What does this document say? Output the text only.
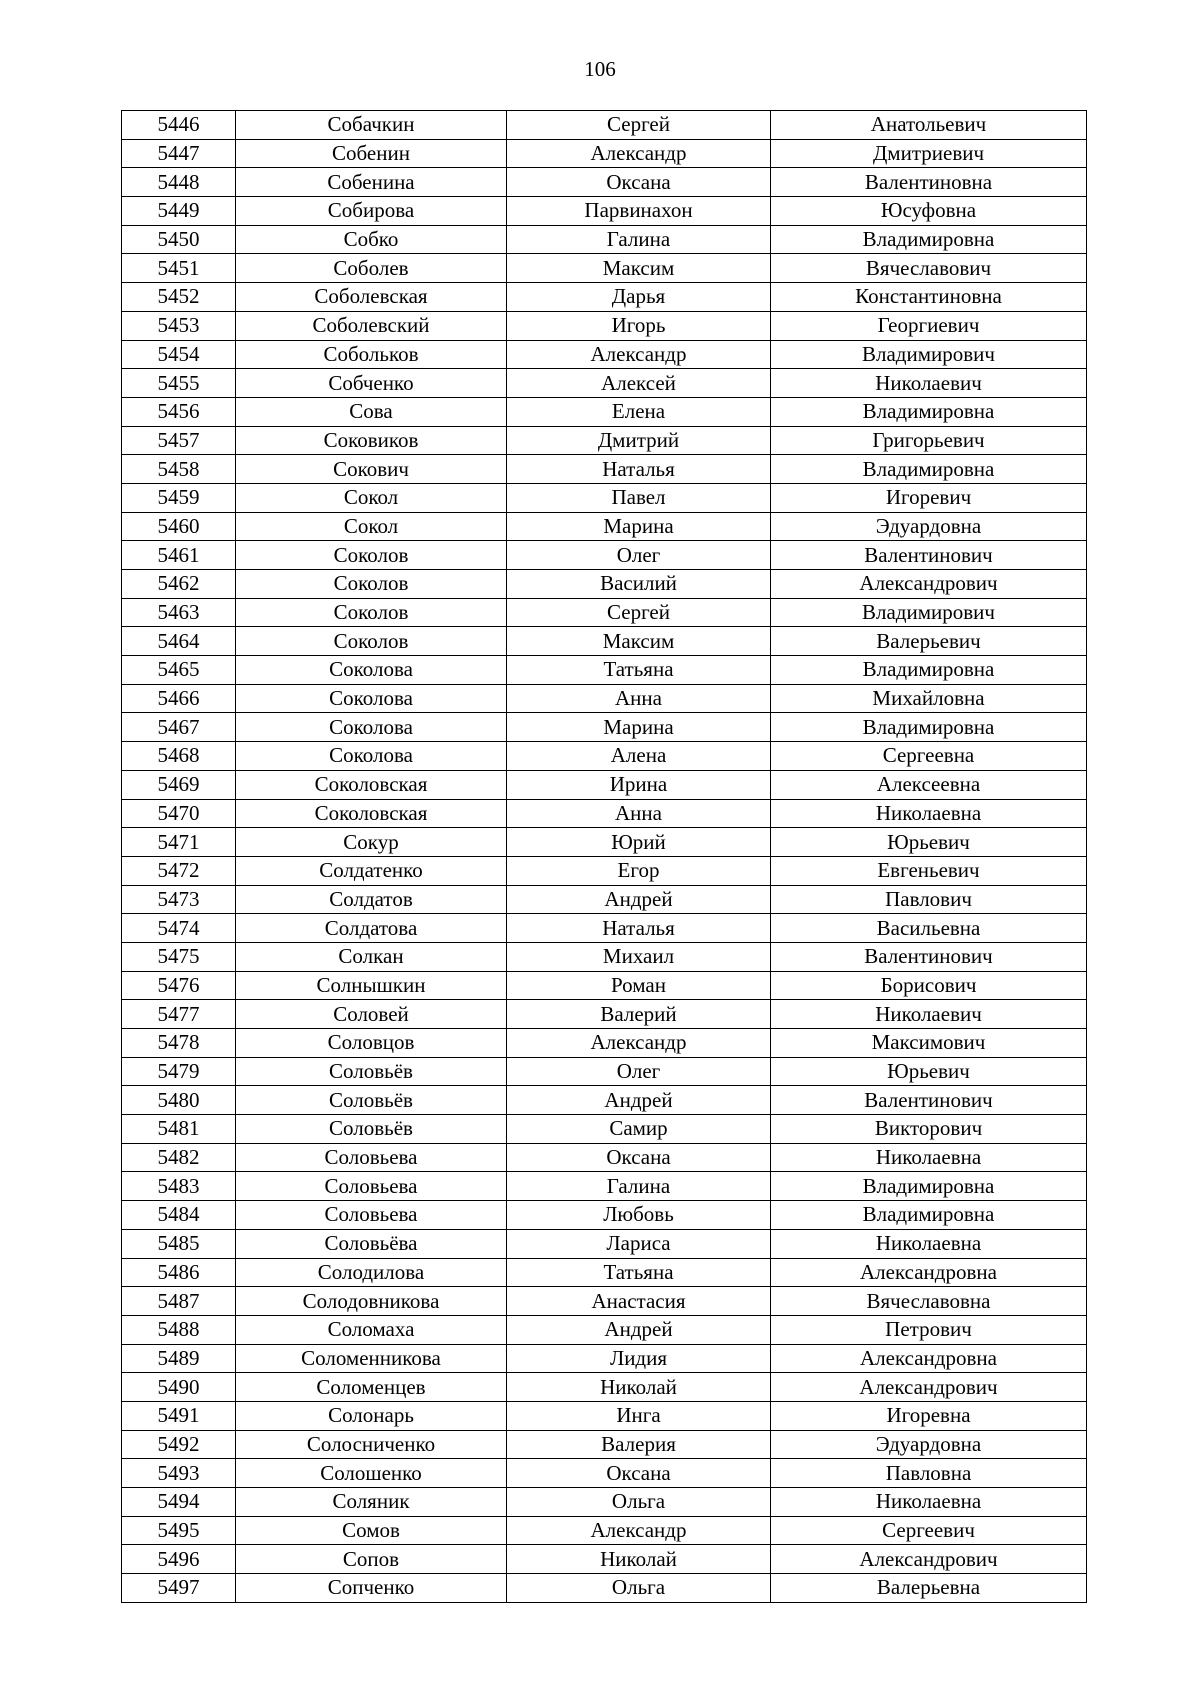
106
5446	Собачкин	Сергей	Анатольевич
5447	Собенин	Александр	Дмитриевич
5448	Собенина	Оксана	Валентиновна
5449	Собирова	Парвинахон	Юсуфовна
5450	Собко	Галина	Владимировна
5451	Соболев	Максим	Вячеславович
5452	Соболевская	Дарья	Константиновна
5453	Соболевский	Игорь	Георгиевич
5454	Собольков	Александр	Владимирович
5455	Собченко	Алексей	Николаевич
5456	Сова	Елена	Владимировна
5457	Соковиков	Дмитрий	Григорьевич
5458	Сокович	Наталья	Владимировна
5459	Сокол	Павел	Игоревич
5460	Сокол	Марина	Эдуардовна
5461	Соколов	Олег	Валентинович
5462	Соколов	Василий	Александрович
5463	Соколов	Сергей	Владимирович
5464	Соколов	Максим	Валерьевич
5465	Соколова	Татьяна	Владимировна
5466	Соколова	Анна	Михайловна
5467	Соколова	Марина	Владимировна
5468	Соколова	Алена	Сергеевна
5469	Соколовская	Ирина	Алексеевна
5470	Соколовская	Анна	Николаевна
5471	Сокур	Юрий	Юрьевич
5472	Солдатенко	Егор	Евгеньевич
5473	Солдатов	Андрей	Павлович
5474	Солдатова	Наталья	Васильевна
5475	Солкан	Михаил	Валентинович
5476	Солнышкин	Роман	Борисович
5477	Соловей	Валерий	Николаевич
5478	Соловцов	Александр	Максимович
5479	Соловьёв	Олег	Юрьевич
5480	Соловьёв	Андрей	Валентинович
5481	Соловьёв	Самир	Викторович
5482	Соловьева	Оксана	Николаевна
5483	Соловьева	Галина	Владимировна
5484	Соловьева	Любовь	Владимировна
5485	Соловьёва	Лариса	Николаевна
5486	Солодилова	Татьяна	Александровна
5487	Солодовникова	Анастасия	Вячеславовна
5488	Соломаха	Андрей	Петрович
5489	Соломенникова	Лидия	Александровна
5490	Соломенцев	Николай	Александрович
5491	Солонарь	Инга	Игоревна
5492	Солосниченко	Валерия	Эдуардовна
5493	Солошенко	Оксана	Павловна
5494	Соляник	Ольга	Николаевна
5495	Сомов	Александр	Сергеевич
5496	Сопов	Николай	Александрович
5497	Сопченко	Ольга	Валерьевна
